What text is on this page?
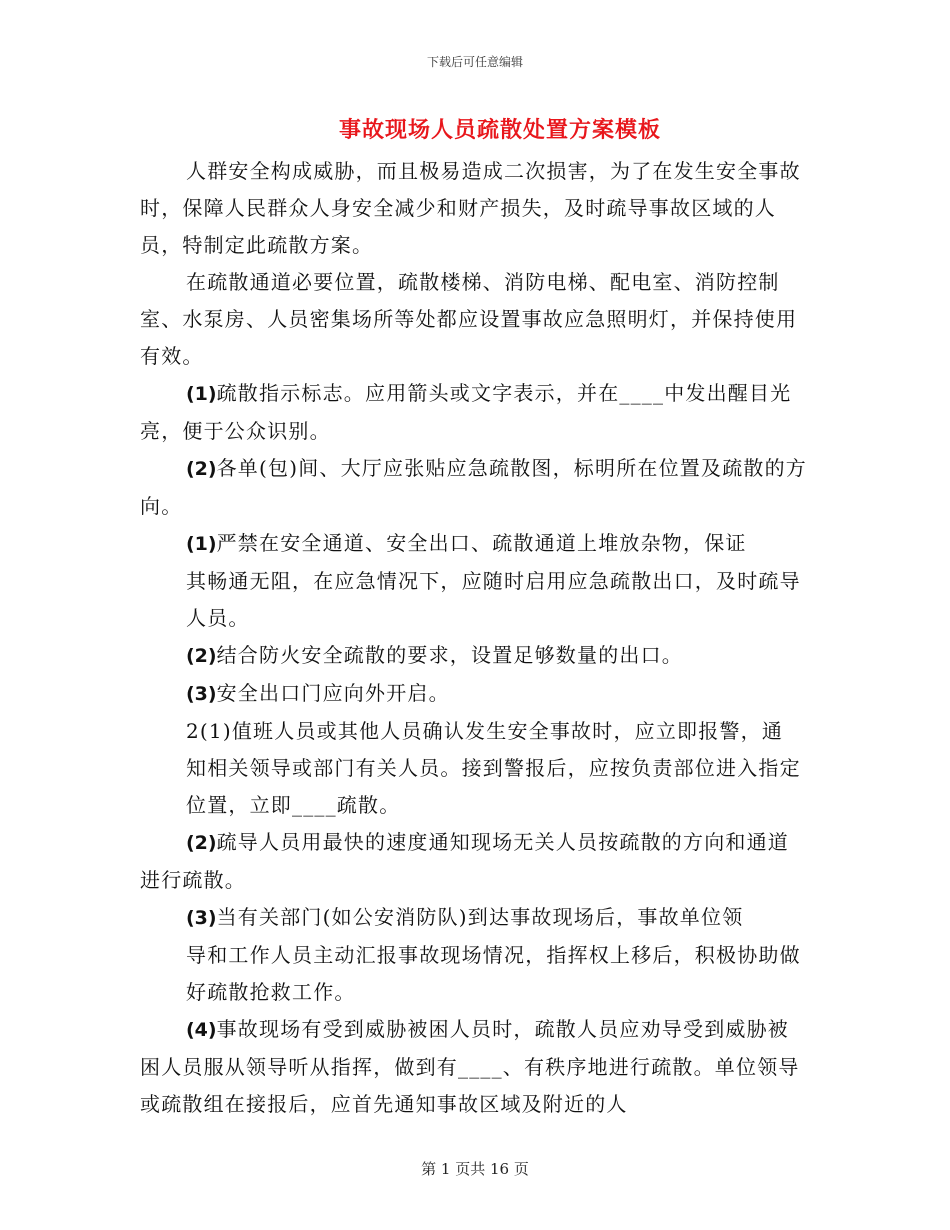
下载后可任意编辑
事故现场人员疏散处置方案模板

人群安全构成威胁，而且极易造成二次损害，为了在发生安全事故时，保障人民群众人身安全减少和财产损失，及时疏导事故区域的人员，特制定此疏散方案。

在疏散通道必要位置，疏散楼梯、消防电梯、配电室、消防控制室、水泵房、人员密集场所等处都应设置事故应急照明灯，并保持使用有效。

(1)疏散指示标志。应用箭头或文字表示，并在____中发出醒目光亮，便于公众识别。

(2)各单(包)间、大厅应张贴应急疏散图，标明所在位置及疏散的方向。

(1)严禁在安全通道、安全出口、疏散通道上堆放杂物，保证

其畅通无阻，在应急情况下，应随时启用应急疏散出口，及时疏导人员。

(2)结合防火安全疏散的要求，设置足够数量的出口。

(3)安全出口门应向外开启。

2(1)值班人员或其他人员确认发生安全事故时，应立即报警，通

知相关领导或部门有关人员。接到警报后，应按负责部位进入指定位置，立即____疏散。

(2)疏导人员用最快的速度通知现场无关人员按疏散的方向和通道进行疏散。

(3)当有关部门(如公安消防队)到达事故现场后，事故单位领

导和工作人员主动汇报事故现场情况，指挥权上移后，积极协助做好疏散抢救工作。

(4)事故现场有受到威胁被困人员时，疏散人员应劝导受到威胁被困人员服从领导听从指挥，做到有____、有秩序地进行疏散。单位领导或疏散组在接报后，应首先通知事故区域及附近的人

第 1 页共 16 页
